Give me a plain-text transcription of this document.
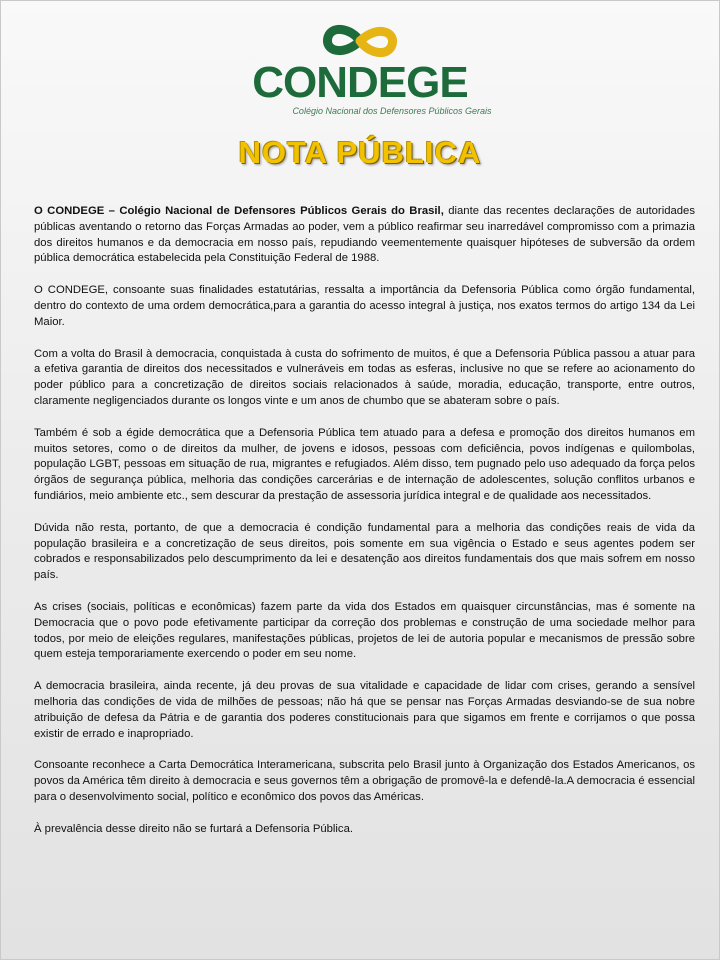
CONDEGE
Colégio Nacional dos Defensores Públicos Gerais
NOTA PÚBLICA

O CONDEGE – Colégio Nacional de Defensores Públicos Gerais do Brasil, diante das recentes declarações de autoridades públicas aventando o retorno das Forças Armadas ao poder, vem a público reafirmar seu inarredável compromisso com a primazia dos direitos humanos e da democracia em nosso país, repudiando veementemente quaisquer hipóteses de subversão da ordem pública democrática estabelecida pela Constituição Federal de 1988.

O CONDEGE, consoante suas finalidades estatutárias, ressalta a importância da Defensoria Pública como órgão fundamental, dentro do contexto de uma ordem democrática,para a garantia do acesso integral à justiça, nos exatos termos do artigo 134 da Lei Maior.

Com a volta do Brasil à democracia, conquistada à custa do sofrimento de muitos, é que a Defensoria Pública passou a atuar para a efetiva garantia de direitos dos necessitados e vulneráveis em todas as esferas, inclusive no que se refere ao acionamento do poder público para a concretização de direitos sociais relacionados à saúde, moradia, educação, transporte, entre outros, claramente negligenciados durante os longos vinte e um anos de chumbo que se abateram sobre o país.

Também é sob a égide democrática que a Defensoria Pública tem atuado para a defesa e promoção dos direitos humanos em muitos setores, como o de direitos da mulher, de jovens e idosos, pessoas com deficiência, povos indígenas e quilombolas, população LGBT, pessoas em situação de rua, migrantes e refugiados. Além disso, tem pugnado pelo uso adequado da força pelos órgãos de segurança pública, melhoria das condições carcerárias e de internação de adolescentes, solução conflitos urbanos e fundiários, meio ambiente etc., sem descurar da prestação de assessoria jurídica integral e de qualidade aos necessitados.

Dúvida não resta, portanto, de que a democracia é condição fundamental para a melhoria das condições reais de vida da população brasileira e a concretização de seus direitos, pois somente em sua vigência o Estado e seus agentes podem ser cobrados e responsabilizados pelo descumprimento da lei e desatenção aos direitos fundamentais dos que mais sofrem em nosso país.

As crises (sociais, políticas e econômicas) fazem parte da vida dos Estados em quaisquer circunstâncias, mas é somente na Democracia que o povo pode efetivamente participar da correção dos problemas e construção de uma sociedade melhor para todos, por meio de eleições regulares, manifestações públicas, projetos de lei de autoria popular e mecanismos de pressão sobre quem esteja temporariamente exercendo o poder em seu nome.

A democracia brasileira, ainda recente, já deu provas de sua vitalidade e capacidade de lidar com crises, gerando a sensível melhoria das condições de vida de milhões de pessoas; não há que se pensar nas Forças Armadas desviando-se de sua nobre atribuição de defesa da Pátria e de garantia dos poderes constitucionais para que sigamos em frente e corrijamos o que possa existir de errado e inapropriado.

Consoante reconhece a Carta Democrática Interamericana, subscrita pelo Brasil junto à Organização dos Estados Americanos, os povos da América têm direito à democracia e seus governos têm a obrigação de promovê-la e defendê-la.A democracia é essencial para o desenvolvimento social, político e econômico dos povos das Américas.

À prevalência desse direito não se furtará a Defensoria Pública.
